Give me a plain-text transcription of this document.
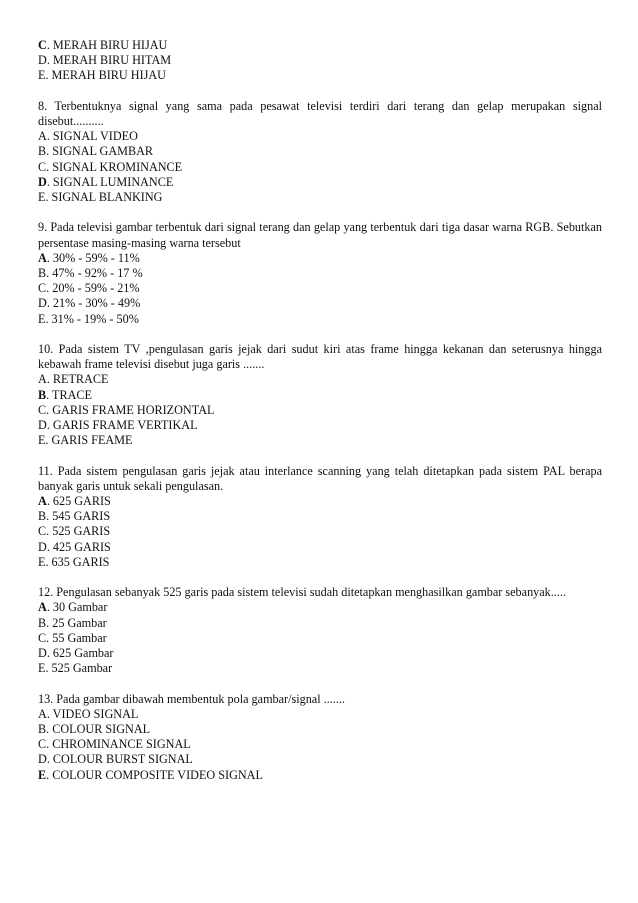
C. MERAH BIRU HIJAU
D. MERAH BIRU HITAM
E. MERAH BIRU HIJAU
8. Terbentuknya signal yang sama pada pesawat televisi terdiri dari terang dan gelap merupakan signal disebut..........
A. SIGNAL VIDEO
B. SIGNAL GAMBAR
C. SIGNAL KROMINANCE
D. SIGNAL LUMINANCE
E. SIGNAL BLANKING
9. Pada televisi gambar terbentuk dari signal terang dan gelap yang terbentuk dari tiga dasar warna RGB. Sebutkan persentase masing-masing warna tersebut
A. 30% - 59% - 11%
B. 47% - 92% - 17 %
C. 20% - 59% - 21%
D. 21% - 30% - 49%
E. 31% - 19% - 50%
10. Pada sistem TV ,pengulasan garis jejak dari sudut kiri atas frame hingga kekanan dan seterusnya hingga kebawah frame televisi disebut juga garis .......
A. RETRACE
B. TRACE
C. GARIS FRAME HORIZONTAL
D. GARIS FRAME VERTIKAL
E. GARIS FEAME
11. Pada sistem pengulasan garis jejak atau interlance scanning yang telah ditetapkan pada sistem PAL berapa banyak garis untuk sekali pengulasan.
A. 625 GARIS
B. 545 GARIS
C. 525 GARIS
D. 425 GARIS
E. 635 GARIS
12. Pengulasan sebanyak 525 garis pada sistem televisi sudah ditetapkan menghasilkan gambar sebanyak.....
A. 30 Gambar
B. 25 Gambar
C. 55 Gambar
D. 625 Gambar
E. 525 Gambar
13. Pada gambar dibawah membentuk pola gambar/signal .......
A. VIDEO SIGNAL
B. COLOUR SIGNAL
C. CHROMINANCE SIGNAL
D. COLOUR BURST SIGNAL
E. COLOUR COMPOSITE VIDEO SIGNAL
